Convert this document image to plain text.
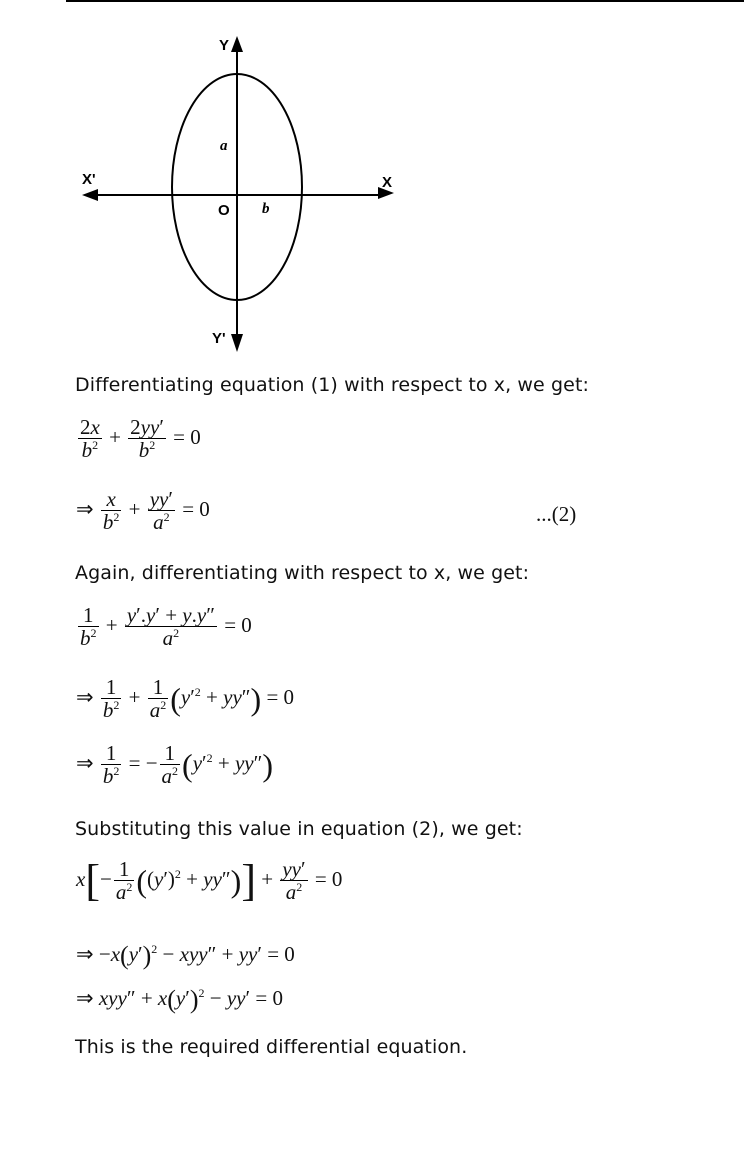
Y
Y'
X'	X
O
a
b
Differentiating equation (1) with respect to x, we get:
$\frac{2x}{b^2} + \frac{2yy'}{b^2} = 0$
⇒ $\frac{x}{b^2} + \frac{yy'}{a^2} = 0$	...(2)
Again, differentiating with respect to x, we get:
$\frac{1}{b^2} + \frac{y'.y' + y.y''}{a^2} = 0$
⇒ $\frac{1}{b^2} + \frac{1}{a^2} (y'^2 + yy'') = 0$
⇒ $\frac{1}{b^2}$ = − $\frac{1}{a^2} (y'^2 + yy'')$
Substituting this value in equation (2), we get:
$x[- \frac{1}{a^2} ((y')^2 + yy'')] + \frac{yy'}{a^2} = 0$
⇒ $-x(y')^2 - xyy'' + yy' = 0$
⇒ $xyy'' + x(y')^2 - yy' = 0$
This is the required differential equation.
